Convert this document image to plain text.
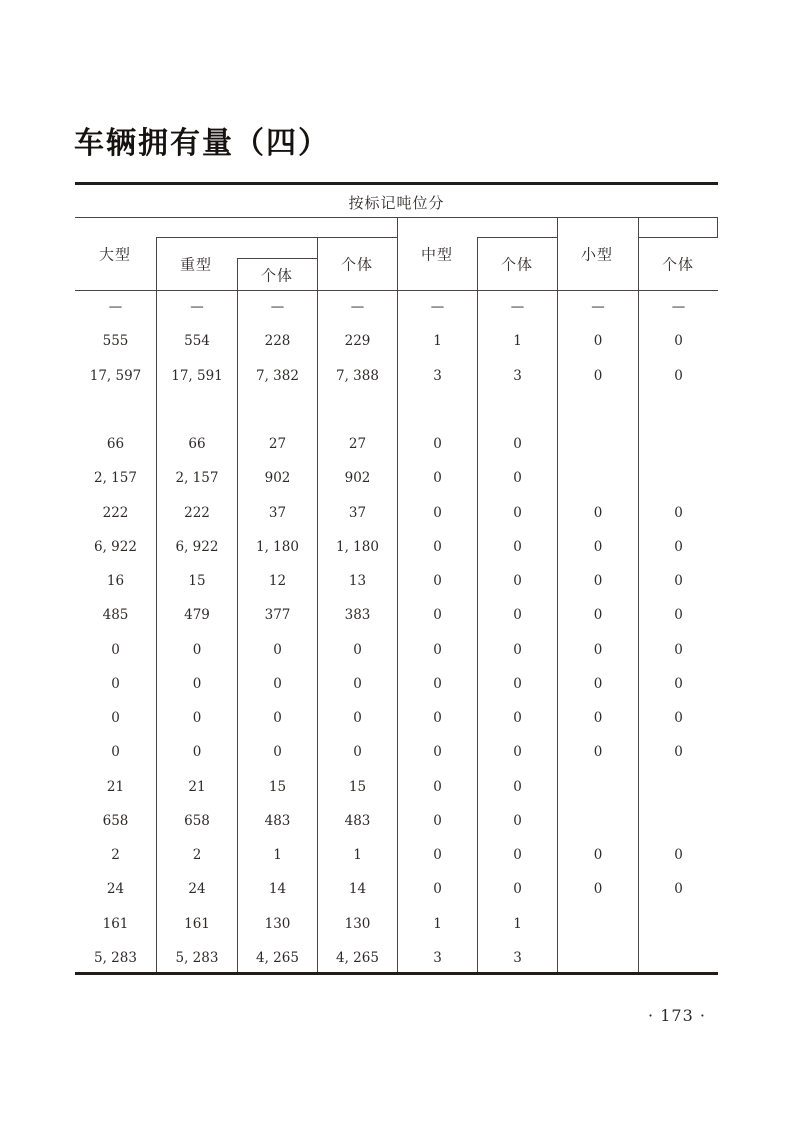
车辆拥有量（四）
按标记吨位分
大型
重型
个体
个体
中型
个体
小型
个体
—	—	—	—	—	—	—	—
555	554	228	229	1	1	0	0
17, 597	17, 591	7, 382	7, 388	3	3	0	0
66	66	27	27	0	0
2, 157	2, 157	902	902	0	0
222	222	37	37	0	0	0	0
6, 922	6, 922	1, 180	1, 180	0	0	0	0
16	15	12	13	0	0	0	0
485	479	377	383	0	0	0	0
0	0	0	0	0	0	0	0
0	0	0	0	0	0	0	0
0	0	0	0	0	0	0	0
0	0	0	0	0	0	0	0
21	21	15	15	0	0
658	658	483	483	0	0
2	2	1	1	0	0	0	0
24	24	14	14	0	0	0	0
161	161	130	130	1	1
5, 283	5, 283	4, 265	4, 265	3	3
· 173 ·
